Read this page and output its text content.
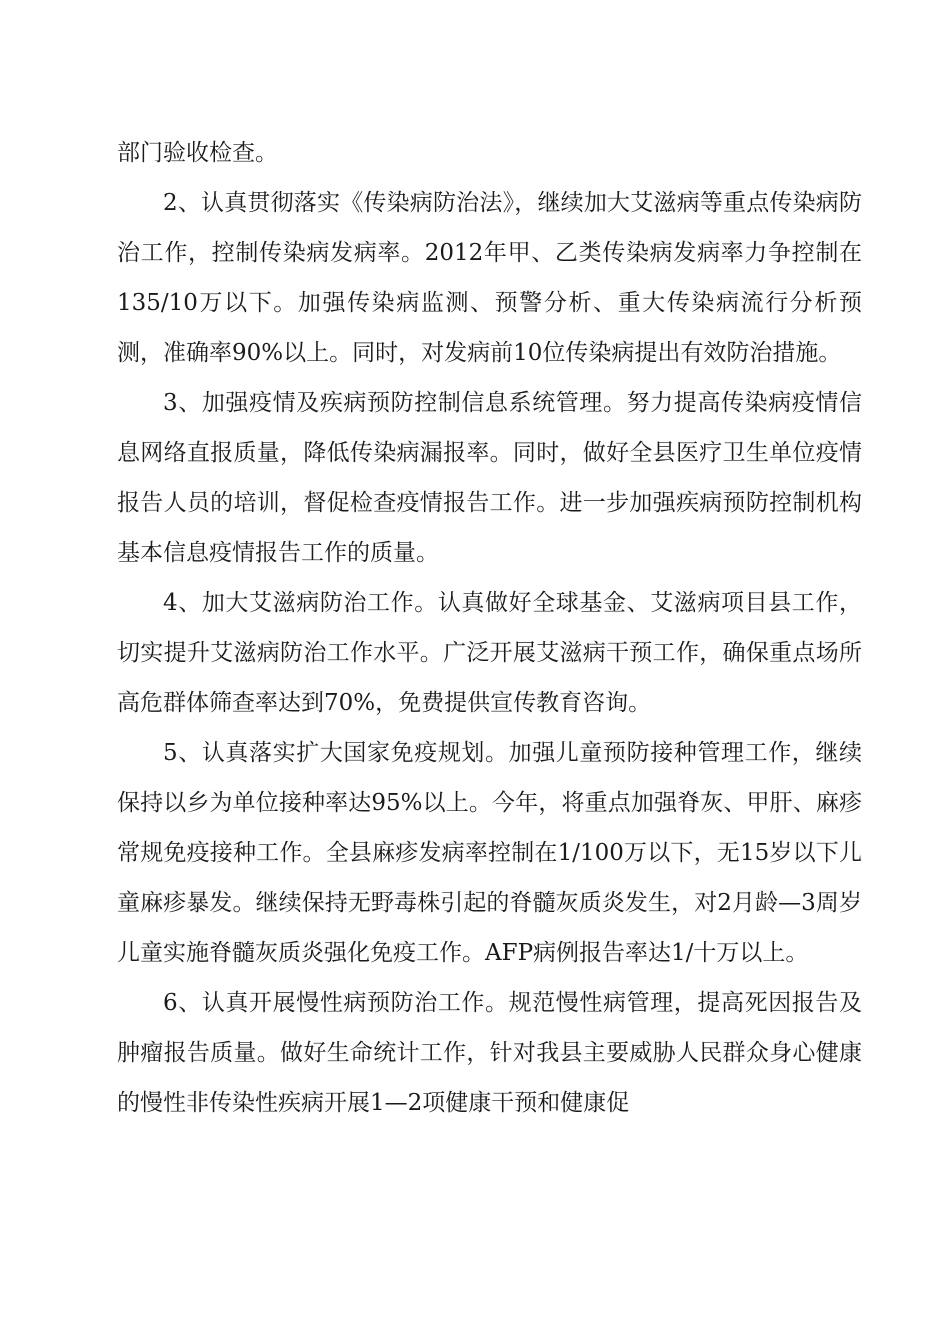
部门验收检查。

2、认真贯彻落实《传染病防治法》，继续加大艾滋病等重点传染病防治工作，控制传染病发病率。2012年甲、乙类传染病发病率力争控制在135/10万以下。加强传染病监测、预警分析、重大传染病流行分析预测，准确率90%以上。同时，对发病前10位传染病提出有效防治措施。

3、加强疫情及疾病预防控制信息系统管理。努力提高传染病疫情信息网络直报质量，降低传染病漏报率。同时，做好全县医疗卫生单位疫情报告人员的培训，督促检查疫情报告工作。进一步加强疾病预防控制机构基本信息疫情报告工作的质量。

4、加大艾滋病防治工作。认真做好全球基金、艾滋病项目县工作，切实提升艾滋病防治工作水平。广泛开展艾滋病干预工作，确保重点场所高危群体筛查率达到70%，免费提供宣传教育咨询。

5、认真落实扩大国家免疫规划。加强儿童预防接种管理工作，继续保持以乡为单位接种率达95%以上。今年，将重点加强脊灰、甲肝、麻疹常规免疫接种工作。全县麻疹发病率控制在1/100万以下，无15岁以下儿童麻疹暴发。继续保持无野毒株引起的脊髓灰质炎发生，对2月龄—3周岁儿童实施脊髓灰质炎强化免疫工作。AFP病例报告率达1/十万以上。

6、认真开展慢性病预防治工作。规范慢性病管理，提高死因报告及肿瘤报告质量。做好生命统计工作，针对我县主要威胁人民群众身心健康的慢性非传染性疾病开展1—2项健康干预和健康促
